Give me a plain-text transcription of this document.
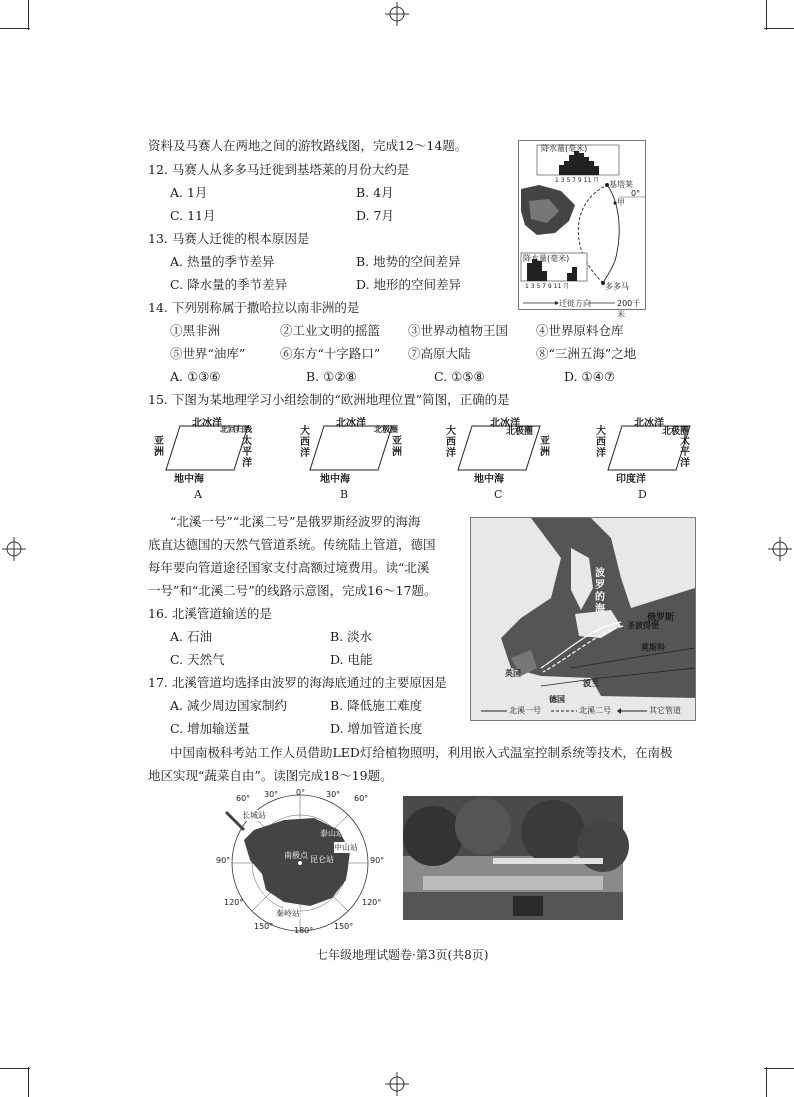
资料及马赛人在两地之间的游牧路线图，完成12～14题。
12. 马赛人从多多马迁徙到基塔莱的月份大约是
A. 1月	B. 4月
C. 11月	D. 7月
13. 马赛人迁徙的根本原因是
A. 热量的季节差异	B. 地势的空间差异
C. 降水量的季节差异	D. 地形的空间差异
降水量(毫米)
1 3 5 7 9 11 月 基塔莱
甲
0°
降水量(毫米)
1 3 5 7 9 11 月	多多马
迁徙方向	200千米
14. 下列别称属于撒哈拉以南非洲的是
①黑非洲	②工业文明的摇篮 ③世界动植物王国 ④世界原料仓库
⑤世界“油库”	⑥东方“十字路口” ⑦高原大陆	⑧“三洲五海”之地
A. ①③⑥	B. ①②⑧	C. ①⑤⑧	D. ①④⑦
15. 下图为某地理学习小组绘制的“欧洲地理位置”简图，正确的是
北冰洋
北回归线
亚洲
太平洋
地中海
A
北冰洋
北极圈
大西洋
亚洲
地中海
B
北冰洋
北极圈
大西洋
亚洲
地中海
C
北冰洋
北极圈
大西洋
太平洋
印度洋
D
“北溪一号”“北溪二号”是俄罗斯经波罗的海海
底直达德国的天然气管道系统。传统陆上管道，德国
每年要向管道途径国家支付高额过境费用。读“北溪
一号”和“北溪二号”的线路示意图，完成16～17题。
16. 北溪管道输送的是
A. 石油	B. 淡水
C. 天然气	D. 电能
17. 北溪管道均选择由波罗的海海底通过的主要原因是
A. 减少周边国家制约	B. 降低施工难度
C. 增加输送量	D. 增加管道长度
波罗的海
俄罗斯
圣彼得堡
莫斯科
英国
波兰
德国
北溪一号	北溪二号	其它管道
中国南极科考站工作人员借助LED灯给植物照明，利用嵌入式温室控制系统等技术，在南极
地区实现“蔬菜自由”。读图完成18～19题。
长城站
泰山站
中山站
昆仑站
南极点
秦岭站
60° 30° 0°	30° 60°
90°	90°
120°	120°
150°	150°
180°
七年级地理试题卷·第3页(共8页)
